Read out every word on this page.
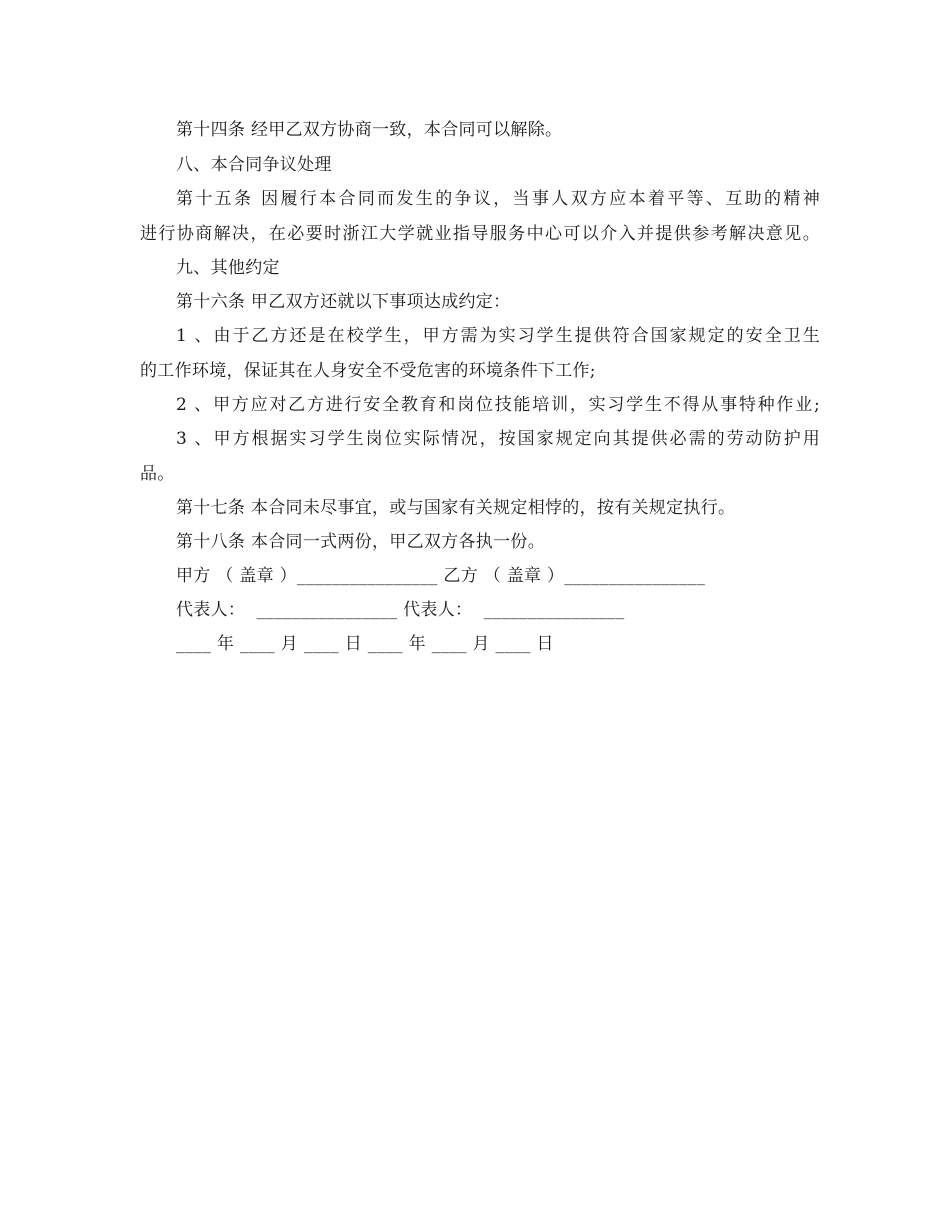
第十四条 经甲乙双方协商一致，本合同可以解除。
八、本合同争议处理
第十五条 因履行本合同而发生的争议，当事人双方应本着平等、互助的精神
进行协商解决，在必要时浙江大学就业指导服务中心可以介入并提供参考解决意见。
九、其他约定
第十六条 甲乙双方还就以下事项达成约定：
1 、由于乙方还是在校学生，甲方需为实习学生提供符合国家规定的安全卫生
的工作环境，保证其在人身安全不受危害的环境条件下工作;
2 、甲方应对乙方进行安全教育和岗位技能培训，实习学生不得从事特种作业;
3 、甲方根据实习学生岗位实际情况，按国家规定向其提供必需的劳动防护用
品。
第十七条 本合同未尽事宜，或与国家有关规定相悖的，按有关规定执行。
第十八条 本合同一式两份，甲乙双方各执一份。
甲方 （ 盖章 ）________________ 乙方 （ 盖章 ）________________
代表人：  ________________ 代表人：  ________________
____ 年 ____ 月 ____ 日 ____ 年 ____ 月 ____ 日
